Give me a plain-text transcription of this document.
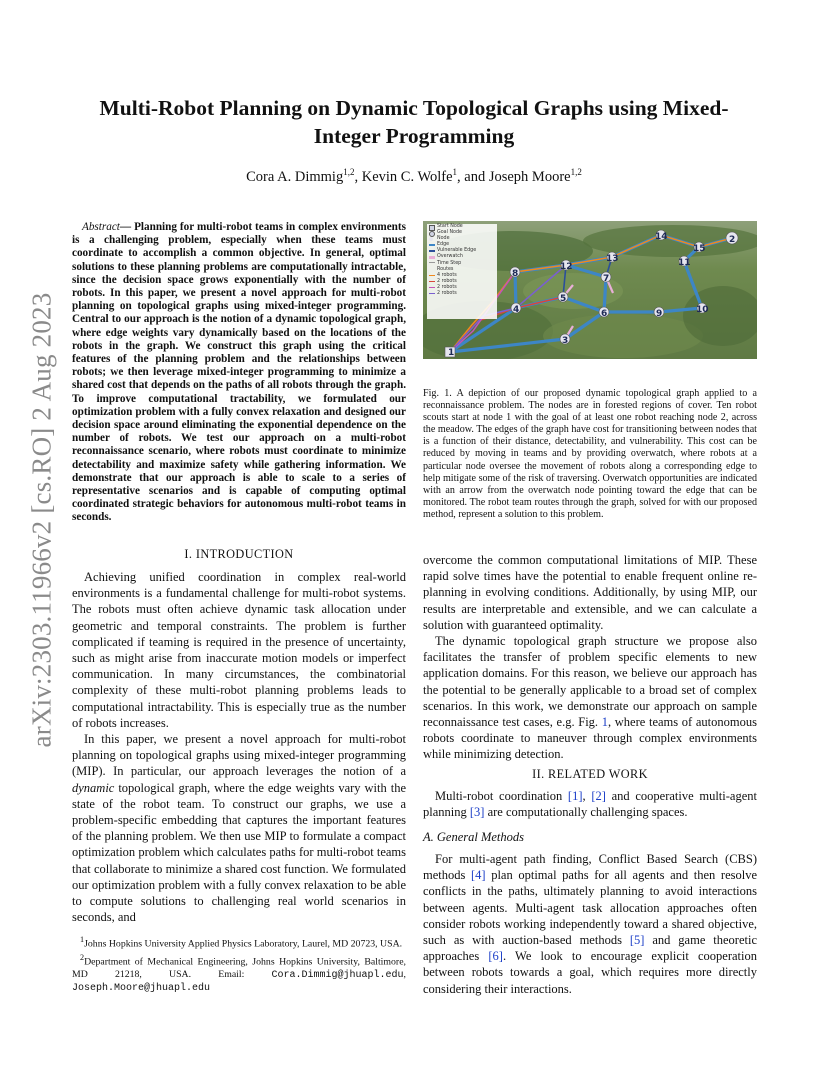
arXiv:2303.11966v2 [cs.RO] 2 Aug 2023
Multi-Robot Planning on Dynamic Topological Graphs using Mixed-Integer Programming
Cora A. Dimmig$^{1,2}$, Kevin C. Wolfe$^1$, and Joseph Moore$^{1,2}$
Abstract— Planning for multi-robot teams in complex environments is a challenging problem, especially when these teams must coordinate to accomplish a common objective. In general, optimal solutions to these planning problems are computationally intractable, since the decision space grows exponentially with the number of robots. In this paper, we present a novel approach for multi-robot planning on topological graphs using mixed-integer programming. Central to our approach is the notion of a dynamic topological graph, where edge weights vary dynamically based on the locations of the robots in the graph. We construct this graph using the critical features of the planning problem and the relationships between robots; we then leverage mixed-integer programming to minimize a shared cost that depends on the paths of all robots through the graph. To improve computational tractability, we formulated our optimization problem with a fully convex relaxation and designed our decision space around eliminating the exponential dependence on the number of robots. We test our approach on a multi-robot reconnaissance scenario, where robots must coordinate to minimize detectability and maximize safety while gathering information. We demonstrate that our approach is able to scale to a series of representative scenarios and is capable of computing optimal coordinated strategic behaviors for autonomous multi-robot teams in seconds.
I. INTRODUCTION
Achieving unified coordination in complex real-world environments is a fundamental challenge for multi-robot systems. The robots must often achieve dynamic task allocation under geometric and temporal constraints. The problem is further complicated if teaming is required in the presence of uncertainty, such as might arise from inaccurate motion models or imperfect communication. In many circumstances, the combinatorial complexity of these multi-robot planning problems leads to computational intractability. This is especially true as the number of robots increases.
In this paper, we present a novel approach for multi-robot planning on topological graphs using mixed-integer programming (MIP). In particular, our approach leverages the notion of a dynamic topological graph, where the edge weights vary with the state of the robot team. To construct our graphs, we use a problem-specific embedding that captures the important features of the planning problem. We then use MIP to formulate a compact optimization problem which calculates paths for multi-robot teams that collaborate to minimize a shared cost function. We formulated our optimization problem with a fully convex relaxation to be able to compute solutions to challenging real world scenarios in seconds, and
$^1$Johns Hopkins University Applied Physics Laboratory, Laurel, MD 20723, USA.
$^2$Department of Mechanical Engineering, Johns Hopkins University, Baltimore, MD 21218, USA. Email: Cora.Dimmig@jhuapl.edu, Joseph.Moore@jhuapl.edu
1
2
3
4
5
6
7
8
9	10
11
12
13
14
15
Start Node
Goal Node
Node
Edge
Vulnerable Edge
Overwatch
Time Step
Routes
4 robots
2 robots
2 robots
2 robots
Fig. 1. A depiction of our proposed dynamic topological graph applied to a reconnaissance problem. The nodes are in forested regions of cover. Ten robot scouts start at node 1 with the goal of at least one robot reaching node 2, across the meadow. The edges of the graph have cost for transitioning between nodes that is a function of their distance, detectability, and vulnerability. This cost can be reduced by moving in teams and by providing overwatch, where robots at a particular node oversee the movement of robots along a corresponding edge to help mitigate some of the risk of traversing. Overwatch opportunities are indicated with an arrow from the overwatch node pointing toward the edge that can be monitored. The robot team routes through the graph, solved for with our proposed method, represent a solution to this problem.
overcome the common computational limitations of MIP. These rapid solve times have the potential to enable frequent online re-planning in evolving conditions. Additionally, by using MIP, our results are interpretable and extensible, and we can calculate a solution with guaranteed optimality.
The dynamic topological graph structure we propose also facilitates the transfer of problem specific elements to new application domains. For this reason, we believe our approach has the potential to be generally applicable to a broad set of complex scenarios. In this work, we demonstrate our approach on sample reconnaissance test cases, e.g. Fig. 1, where teams of autonomous robots coordinate to maneuver through complex environments while minimizing detection.
II. RELATED WORK
Multi-robot coordination [1], [2] and cooperative multi-agent planning [3] are computationally challenging spaces.
A. General Methods
For multi-agent path finding, Conflict Based Search (CBS) methods [4] plan optimal paths for all agents and then resolve conflicts in the paths, ultimately planning to avoid interactions between agents. Multi-agent task allocation approaches often consider robots working independently toward a shared objective, such as with auction-based methods [5] and game theoretic approaches [6]. We look to encourage explicit cooperation between robots towards a goal, which requires more directly considering their interactions.
